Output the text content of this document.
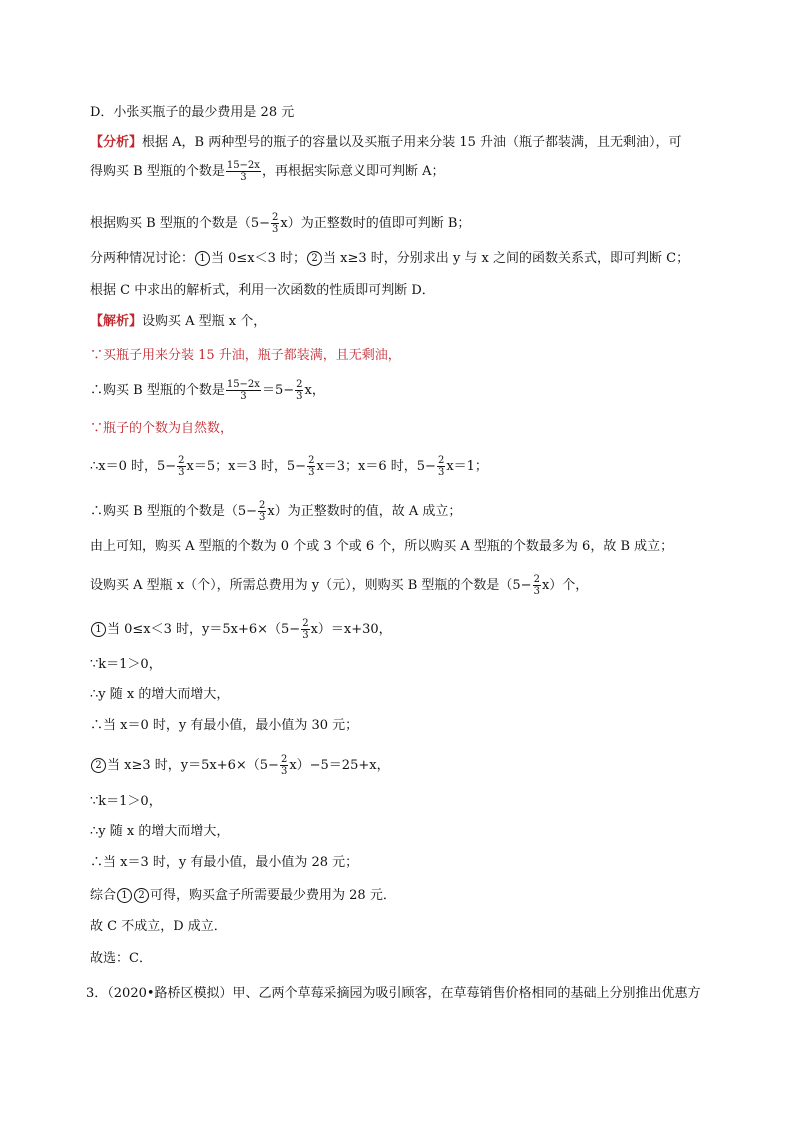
D．小张买瓶子的最少费用是 28 元
【分析】根据 A，B 两种型号的瓶子的容量以及买瓶子用来分装 15 升油（瓶子都装满，且无剩油），可
得购买 B 型瓶的个数是 $\frac{15-2x}{3}$ ，再根据实际意义即可判断 A；
根据购买 B 型瓶的个数是$(5- \frac{2}{3} x)$为正整数时的值即可判断 B；
分两种情况讨论： 1 当 0≤x＜3 时； 2 当 x≥3 时，分别求出 y 与 x 之间的函数关系式，即可判断 C；
根据 C 中求出的解析式，利用一次函数的性质即可判断 D．
【解析】设购买 A 型瓶 x 个，
∵买瓶子用来分装 15 升油，瓶子都装满，且无剩油，
∴购买 B 型瓶的个数是 $\frac{15-2x}{3} =5- \frac{2}{3}$ x，
∵瓶子的个数为自然数，
∴x＝0 时，$5- \frac{2}{3} x=5$；x＝3 时，$5- \frac{2}{3} x=3$；x＝6 时，$5- \frac{2}{3} x=1$；
∴购买 B 型瓶的个数是$(5- \frac{2}{3} x)$为正整数时的值，故 A 成立；
由上可知，购买 A 型瓶的个数为 0 个或 3 个或 6 个，所以购买 A 型瓶的个数最多为 6，故 B 成立；
设购买 A 型瓶 x（个），所需总费用为 y（元），则购买 B 型瓶的个数是$(5- \frac{2}{3} x)$个，
1 当 0≤x＜3 时，$y=5x+6\times(5- \frac{2}{3} x)=x+30$，
∵k＝1＞0，
∴y 随 x 的增大而增大，
∴当 x＝0 时，y 有最小值，最小值为 30 元；
2 当 x≥3 时，$y=5x+6\times(5- \frac{2}{3} x)-5=25+x$，
∵k＝1＞0，
∴y 随 x 的增大而增大，
∴当 x＝3 时，y 有最小值，最小值为 28 元；
综合 1 2 可得，购买盒子所需要最少费用为 28 元．
故 C 不成立，D 成立．
故选：C．
3．（2020•路桥区模拟）甲、乙两个草莓采摘园为吸引顾客，在草莓销售价格相同的基础上分别推出优惠方
